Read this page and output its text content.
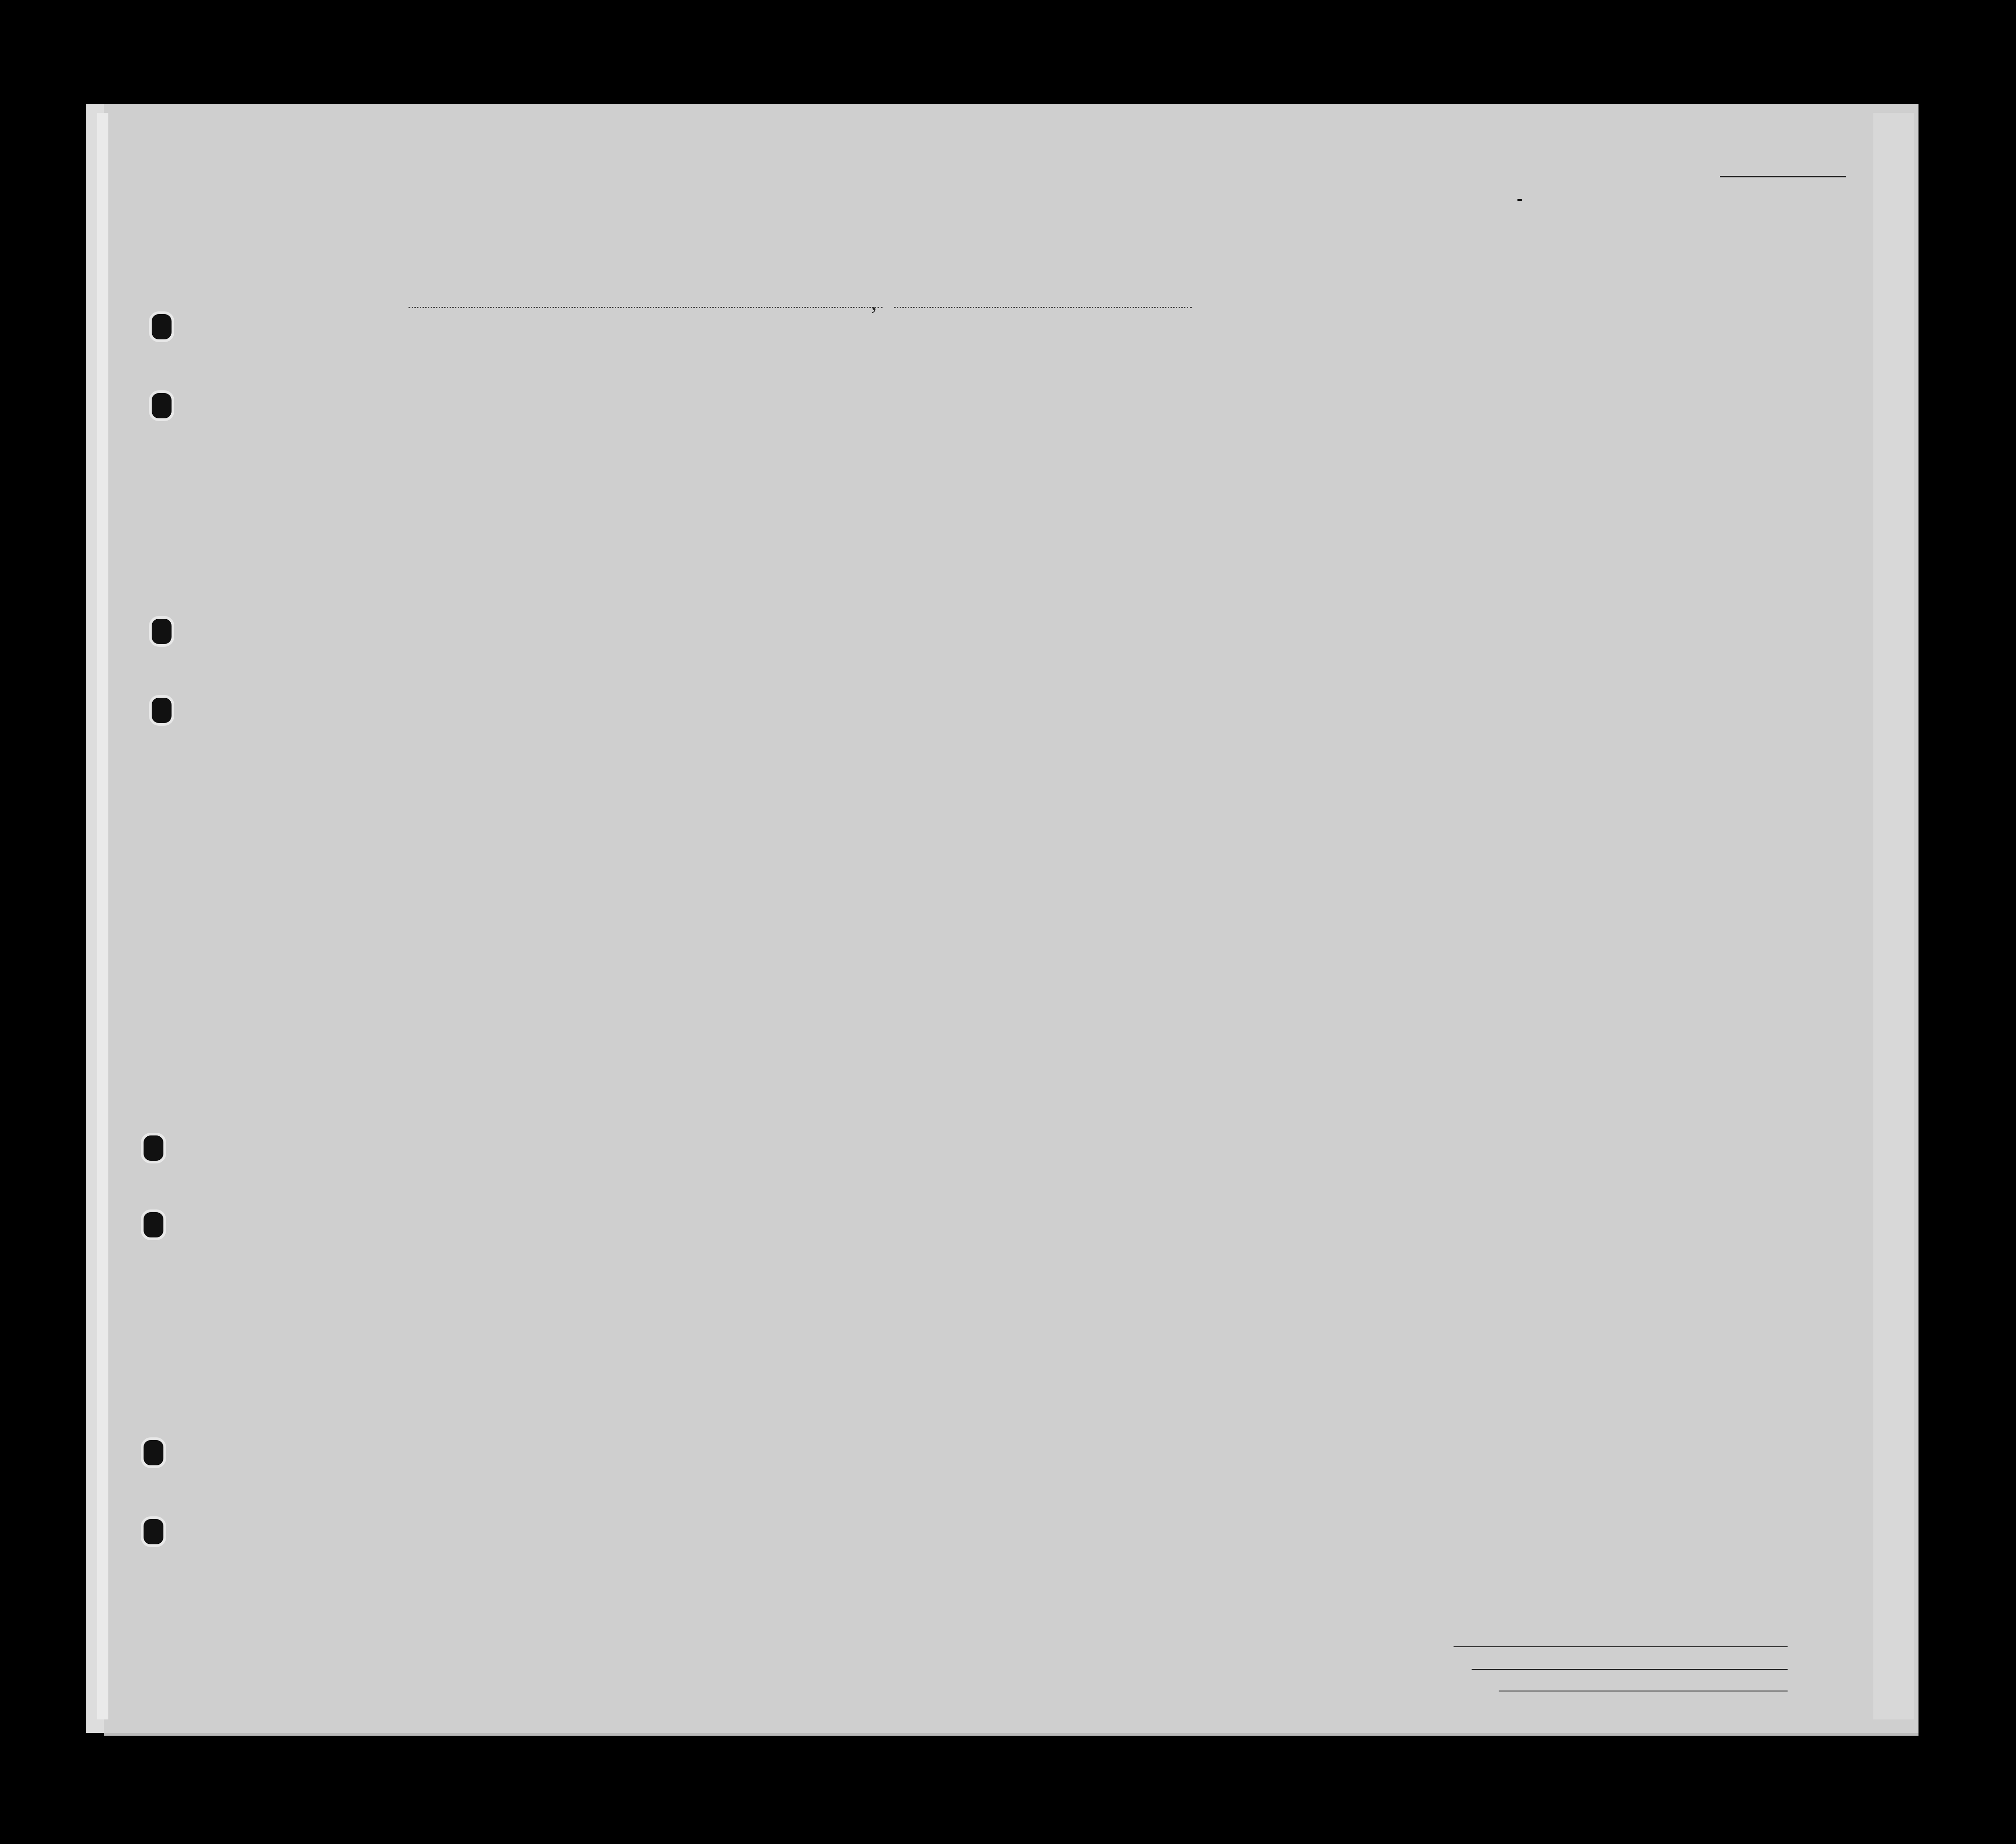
-
,
